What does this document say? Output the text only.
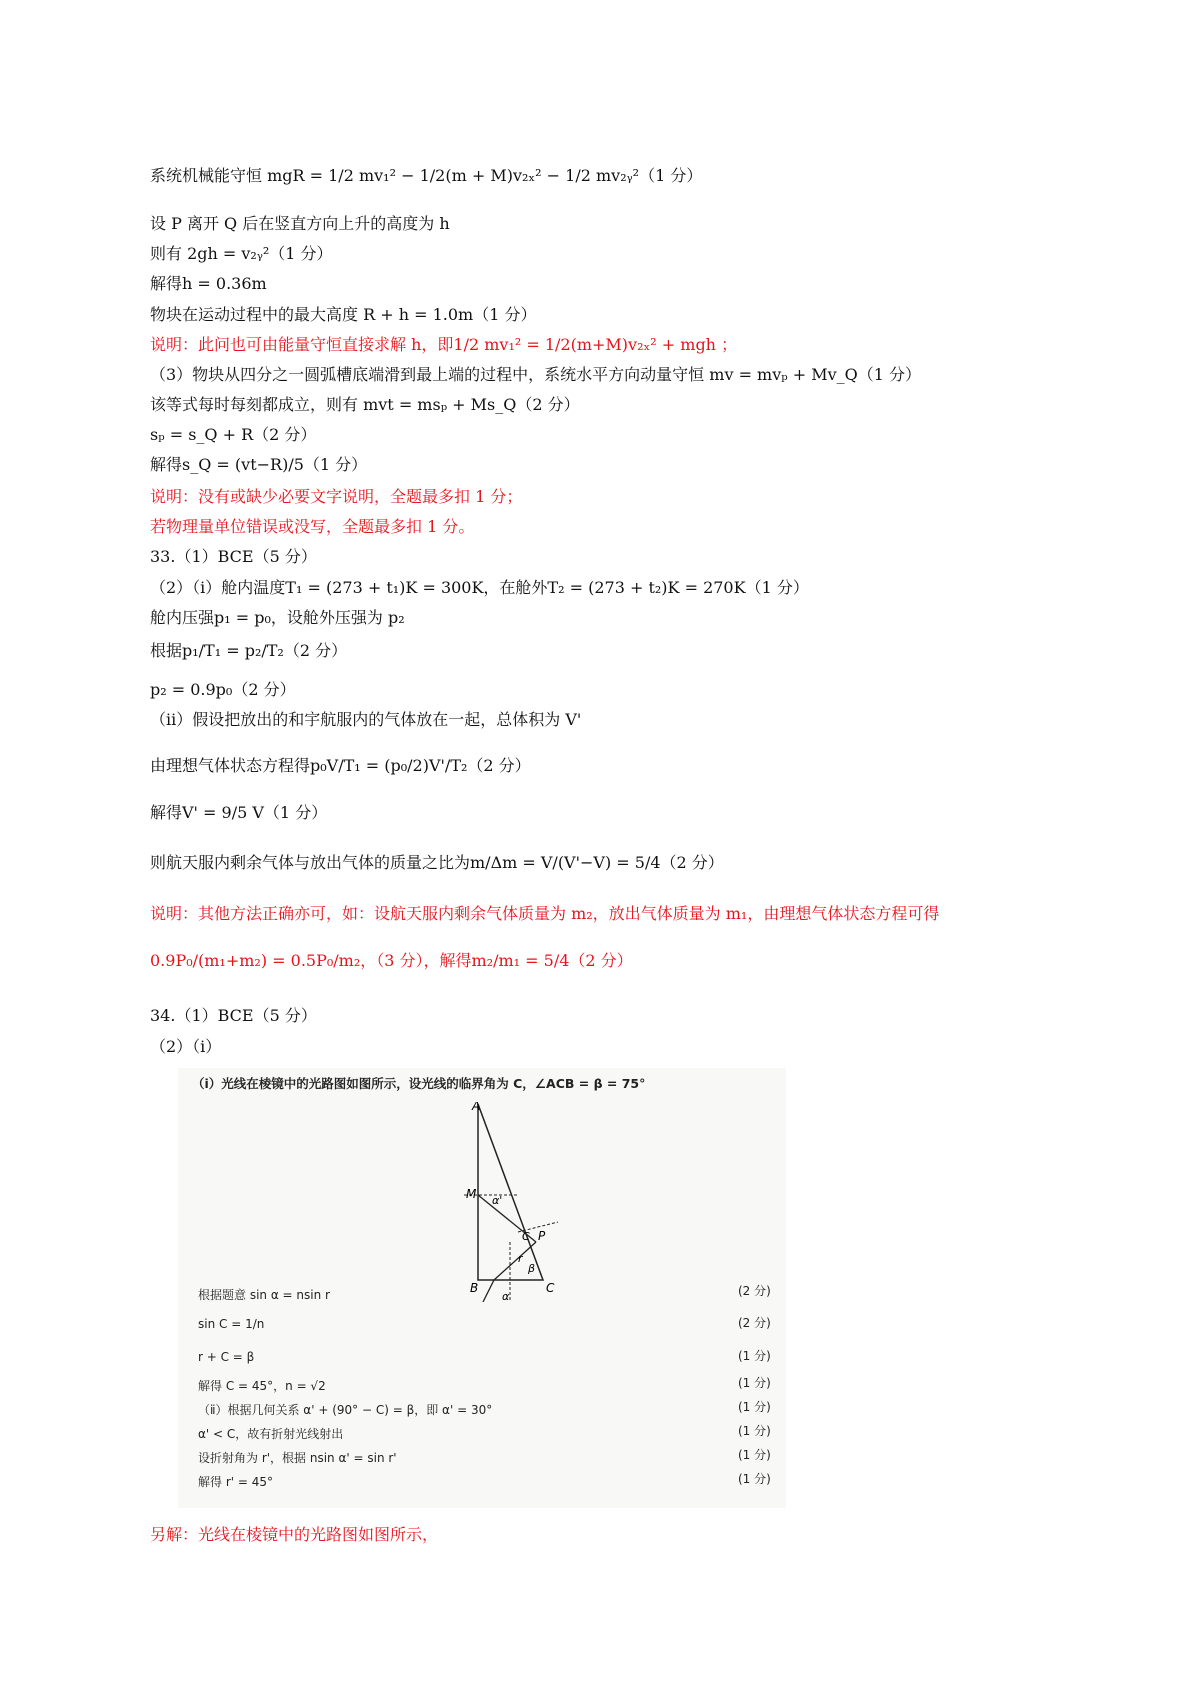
系统机械能守恒 mgR = 1/2 mv₁² − 1/2(m + M)v₂ₓ² − 1/2 mv₂ᵧ²（1 分）
设 P 离开 Q 后在竖直方向上升的高度为 h
则有 2gh = v₂ᵧ²（1 分）
解得h = 0.36m
物块在运动过程中的最大高度 R + h = 1.0m（1 分）
说明：此问也可由能量守恒直接求解 h，即1/2 mv₁² = 1/2(m+M)v₂ₓ² + mgh ；
（3）物块从四分之一圆弧槽底端滑到最上端的过程中，系统水平方向动量守恒 mv = mvₚ + Mv_Q（1 分）
该等式每时每刻都成立，则有 mvt = msₚ + Ms_Q（2 分）
sₚ = s_Q + R（2 分）
解得s_Q = (vt−R)/5（1 分）
说明：没有或缺少必要文字说明，全题最多扣 1 分；
若物理量单位错误或没写，全题最多扣 1 分。
33.（1）BCE（5 分）
（2）（i）舱内温度T₁ = (273 + t₁)K = 300K，在舱外T₂ = (273 + t₂)K = 270K（1 分）
舱内压强p₁ = p₀，设舱外压强为 p₂
根据p₁/T₁ = p₂/T₂（2 分）
p₂ = 0.9p₀（2 分）
（ii）假设把放出的和宇航服内的气体放在一起，总体积为 V'
由理想气体状态方程得p₀V/T₁ = (p₀/2)V'/T₂（2 分）
解得V' = 9/5 V（1 分）
则航天服内剩余气体与放出气体的质量之比为m/Δm = V/(V'−V) = 5/4（2 分）
说明：其他方法正确亦可，如：设航天服内剩余气体质量为 m₂，放出气体质量为 m₁，由理想气体状态方程可得
0.9P₀/(m₁+m₂) = 0.5P₀/m₂，（3 分），解得m₂/m₁ = 5/4（2 分）
34.（1）BCE（5 分）
（2）（i）
（ⅰ）光线在棱镜中的光路图如图所示，设光线的临界角为 C，∠ACB = β = 75°
A
M
B	C
P
α'
β
C
r
α
根据题意 sin α = nsin r	(2 分)
sin C = 1/n	(2 分)
r + C = β	(1 分)
解得 C = 45°，n = √2	(1 分)
（ⅱ）根据几何关系 α' + (90° − C) = β，即 α' = 30°	(1 分)
α' < C，故有折射光线射出	(1 分)
设折射角为 r'，根据 nsin α' = sin r'	(1 分)
解得 r' = 45°	(1 分)
另解：光线在棱镜中的光路图如图所示，
